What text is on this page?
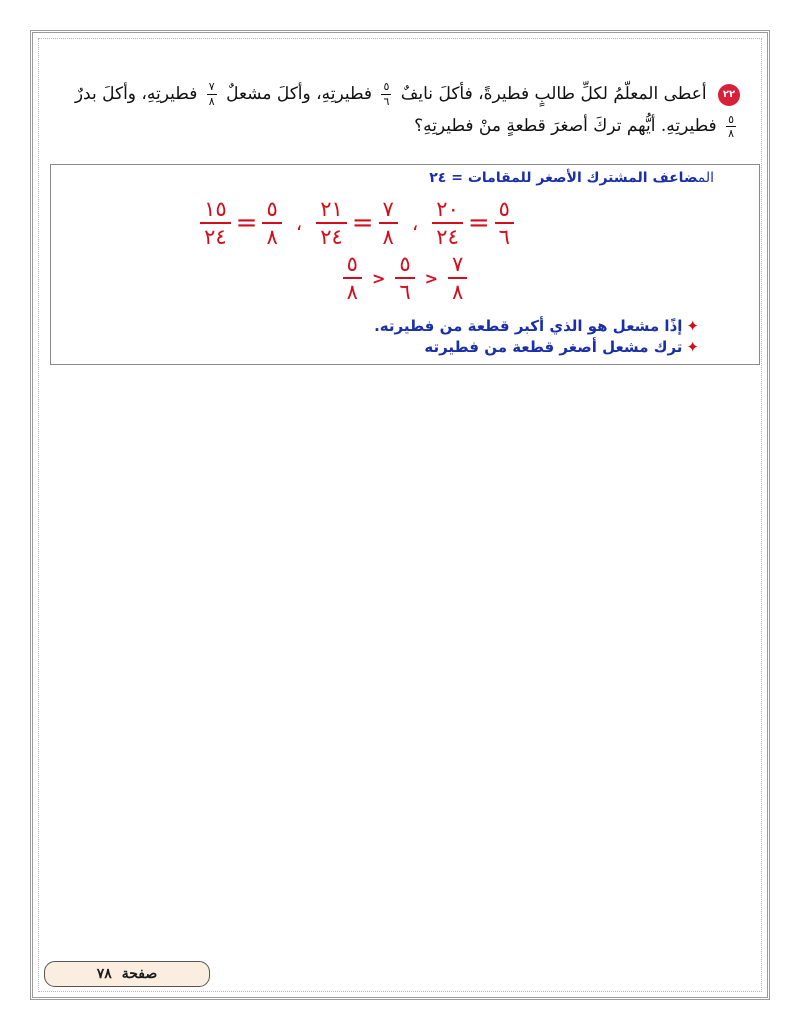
٢٢ أعطى المعلّمُ لكلِّ طالبٍ فطيرةً، فأكلَ نايفٌ
٥
٦
فطيرتِهِ، وأكلَ مشعلٌ
٧
٨
فطيرتِهِ، وأكلَ بدرٌ

٥
٨
فطيرتِهِ. أيُّهم تركَ أصغرَ قطعةٍ منْ فطيرتِهِ؟
المضاعف المشترك الأصغر للمقامات = ٢٤
٥
٦
=
٢٠
٢٤
،
٧
٨
=
٢١
٢٤
،
٥
٨
=
١٥
٢٤
٧
٨
<
٥
٦
<
٥
٨
✦إذًا مشعل هو الذي أكبر قطعة من فطيرته.
✦ترك مشعل أصغر قطعة من فطيرته
صفحة
٧٨
